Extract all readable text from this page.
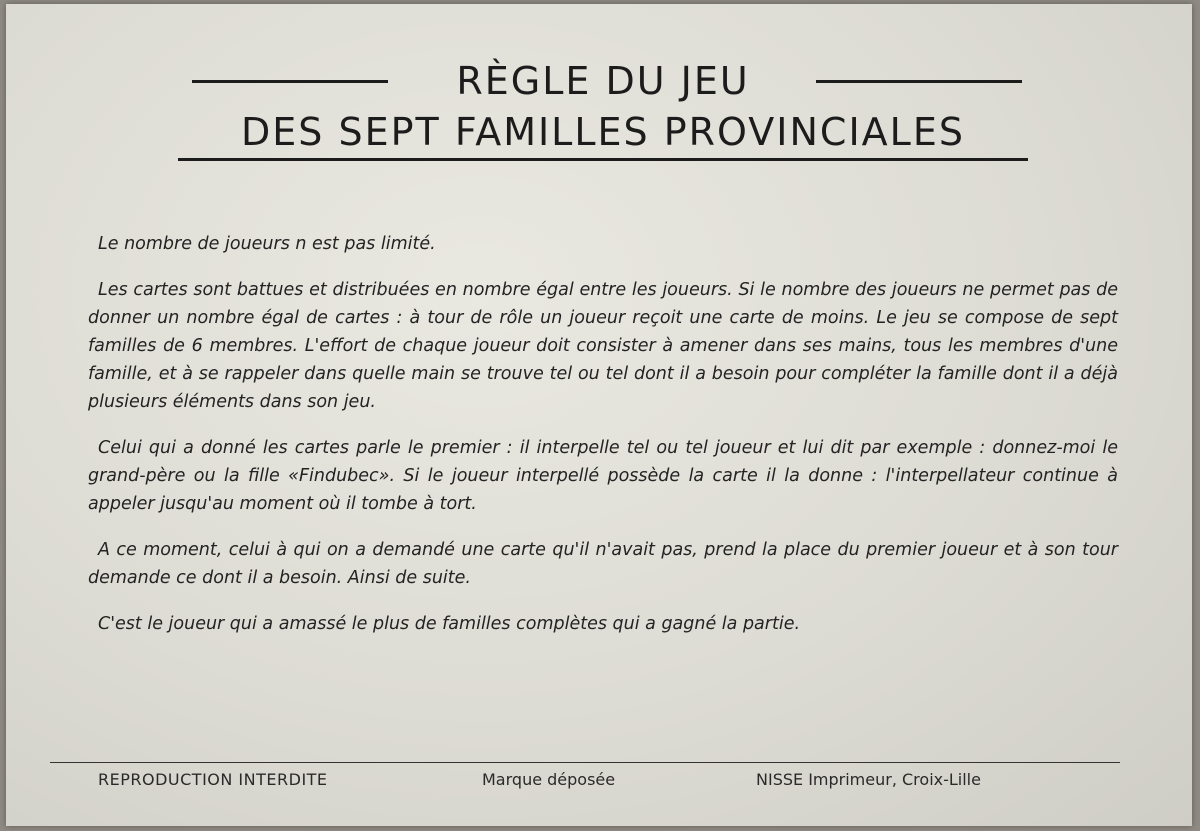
RÈGLE DU JEU
DES SEPT FAMILLES PROVINCIALES

Le nombre de joueurs n est pas limité.

Les cartes sont battues et distribuées en nombre égal entre les joueurs. Si le nombre des joueurs ne permet pas de donner un nombre égal de cartes : à tour de rôle un joueur reçoit une carte de moins. Le jeu se compose de sept familles de 6 membres. L'effort de chaque joueur doit consister à amener dans ses mains, tous les membres d'une famille, et à se rappeler dans quelle main se trouve tel ou tel dont il a besoin pour compléter la famille dont il a déjà plusieurs éléments dans son jeu.

Celui qui a donné les cartes parle le premier : il interpelle tel ou tel joueur et lui dit par exemple : donnez-moi le grand-père ou la fille «Findubec». Si le joueur interpellé possède la carte il la donne : l'interpellateur continue à appeler jusqu'au moment où il tombe à tort.

A ce moment, celui à qui on a demandé une carte qu'il n'avait pas, prend la place du premier joueur et à son tour demande ce dont il a besoin. Ainsi de suite.

C'est le joueur qui a amassé le plus de familles complètes qui a gagné la partie.

REPRODUCTION INTERDITE	Marque déposée	NISSE Imprimeur, Croix-Lille
